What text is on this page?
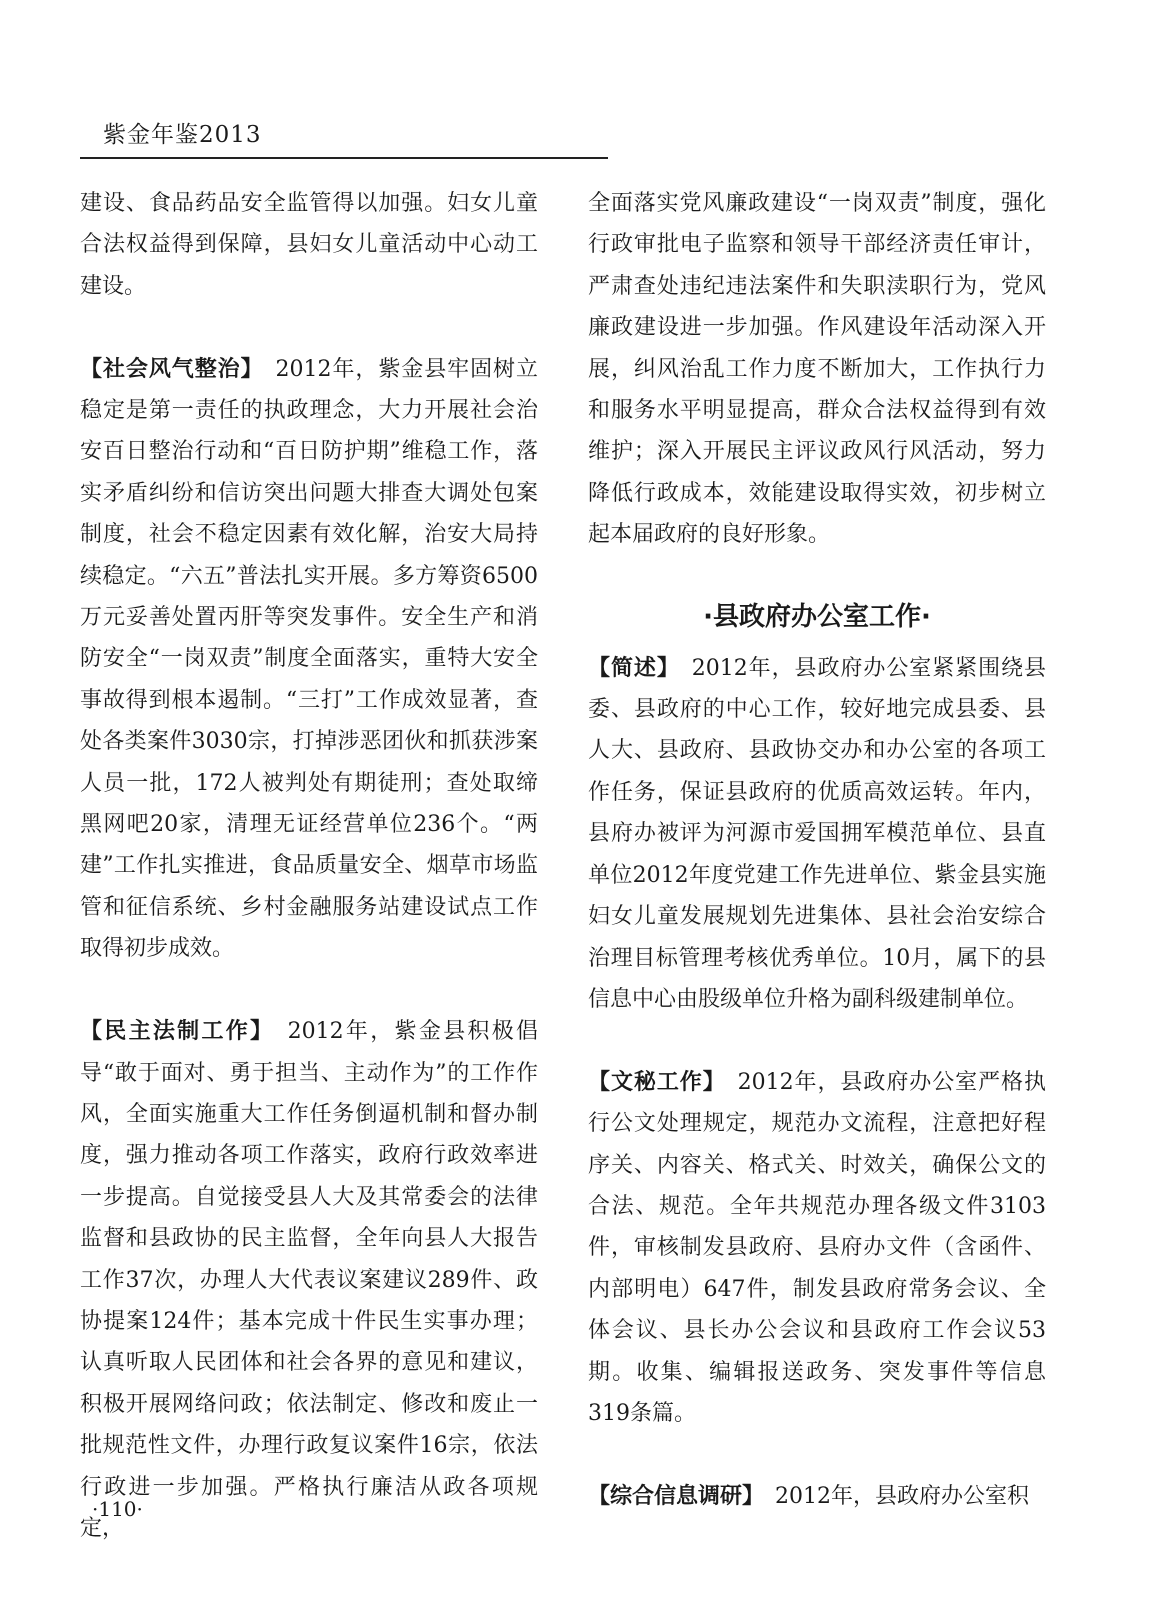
紫金年鉴2013

建设、食品药品安全监管得以加强。妇女儿童合法权益得到保障，县妇女儿童活动中心动工建设。

【社会风气整治】　2012年，紫金县牢固树立稳定是第一责任的执政理念，大力开展社会治安百日整治行动和“百日防护期”维稳工作，落实矛盾纠纷和信访突出问题大排查大调处包案制度，社会不稳定因素有效化解，治安大局持续稳定。“六五”普法扎实开展。多方筹资6500万元妥善处置丙肝等突发事件。安全生产和消防安全“一岗双责”制度全面落实，重特大安全事故得到根本遏制。“三打”工作成效显著，查处各类案件3030宗，打掉涉恶团伙和抓获涉案人员一批，172人被判处有期徒刑；查处取缔黑网吧20家，清理无证经营单位236个。“两建”工作扎实推进，食品质量安全、烟草市场监管和征信系统、乡村金融服务站建设试点工作取得初步成效。

【民主法制工作】　2012年，紫金县积极倡导“敢于面对、勇于担当、主动作为”的工作作风，全面实施重大工作任务倒逼机制和督办制度，强力推动各项工作落实，政府行政效率进一步提高。自觉接受县人大及其常委会的法律监督和县政协的民主监督，全年向县人大报告工作37次，办理人大代表议案建议289件、政协提案124件；基本完成十件民生实事办理；认真听取人民团体和社会各界的意见和建议，积极开展网络问政；依法制定、修改和废止一批规范性文件，办理行政复议案件16宗，依法行政进一步加强。严格执行廉洁从政各项规定，

全面落实党风廉政建设“一岗双责”制度，强化行政审批电子监察和领导干部经济责任审计，严肃查处违纪违法案件和失职渎职行为，党风廉政建设进一步加强。作风建设年活动深入开展，纠风治乱工作力度不断加大，工作执行力和服务水平明显提高，群众合法权益得到有效维护；深入开展民主评议政风行风活动，努力降低行政成本，效能建设取得实效，初步树立起本届政府的良好形象。

·县政府办公室工作·

【简述】　2012年，县政府办公室紧紧围绕县委、县政府的中心工作，较好地完成县委、县人大、县政府、县政协交办和办公室的各项工作任务，保证县政府的优质高效运转。年内，县府办被评为河源市爱国拥军模范单位、县直单位2012年度党建工作先进单位、紫金县实施妇女儿童发展规划先进集体、县社会治安综合治理目标管理考核优秀单位。10月，属下的县信息中心由股级单位升格为副科级建制单位。

【文秘工作】　2012年，县政府办公室严格执行公文处理规定，规范办文流程，注意把好程序关、内容关、格式关、时效关，确保公文的合法、规范。全年共规范办理各级文件3103件，审核制发县政府、县府办文件（含函件、内部明电）647件，制发县政府常务会议、全体会议、县长办公会议和县政府工作会议53期。收集、编辑报送政务、突发事件等信息319条篇。

【综合信息调研】　2012年，县政府办公室积

·110·
